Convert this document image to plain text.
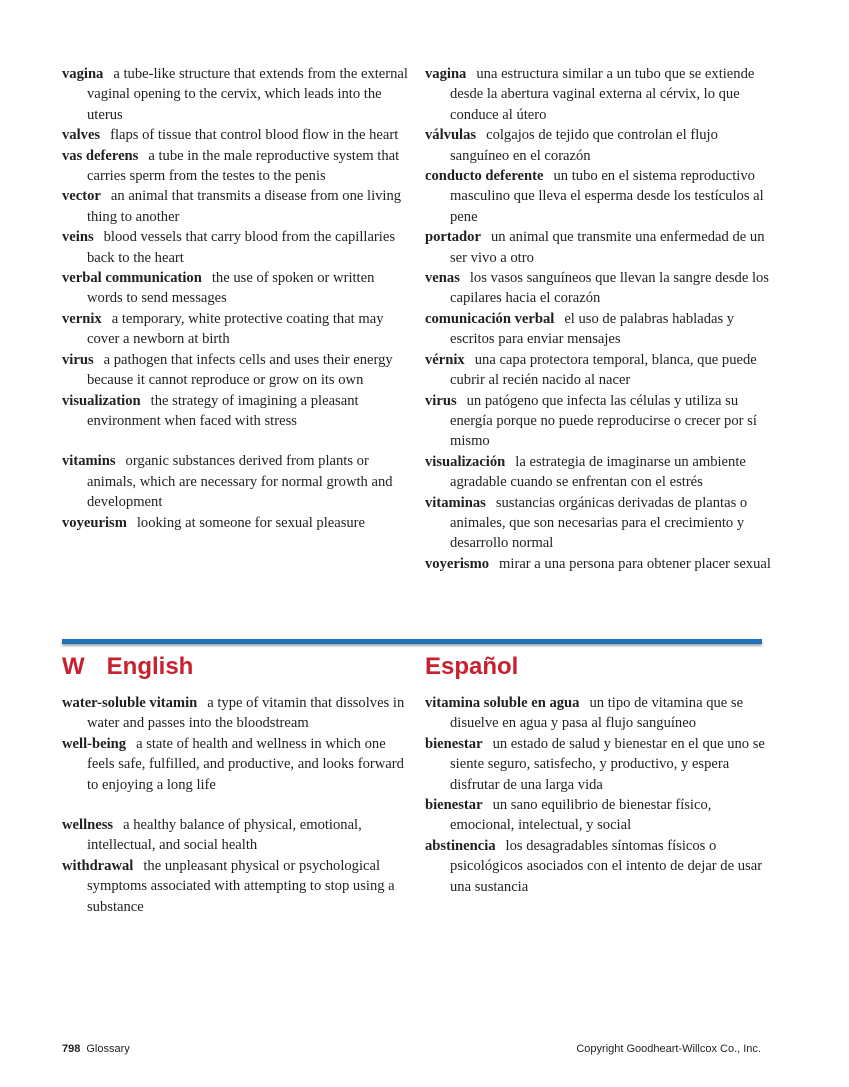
vagina a tube-like structure that extends from the external vaginal opening to the cervix, which leads into the uterus

valves flaps of tissue that control blood flow in the heart

vas deferens a tube in the male reproductive system that carries sperm from the testes to the penis

vector an animal that transmits a disease from one living thing to another

veins blood vessels that carry blood from the capillaries back to the heart

verbal communication the use of spoken or written words to send messages

vernix a temporary, white protective coating that may cover a newborn at birth

virus a pathogen that infects cells and uses their energy because it cannot reproduce or grow on its own

visualization the strategy of imagining a pleasant environment when faced with stress

vitamins organic substances derived from plants or animals, which are necessary for normal growth and development

voyeurism looking at someone for sexual pleasure

vagina una estructura similar a un tubo que se extiende desde la abertura vaginal externa al cérvix, lo que conduce al útero

válvulas colgajos de tejido que controlan el flujo sanguíneo en el corazón

conducto deferente un tubo en el sistema reproductivo masculino que lleva el esperma desde los testículos al pene

portador un animal que transmite una enfermedad de un ser vivo a otro

venas los vasos sanguíneos que llevan la sangre desde los capilares hacia el corazón

comunicación verbal el uso de palabras habladas y escritos para enviar mensajes

vérnix una capa protectora temporal, blanca, que puede cubrir al recién nacido al nacer

virus un patógeno que infecta las células y utiliza su energía porque no puede reproducirse o crecer por sí mismo

visualización la estrategia de imaginarse un ambiente agradable cuando se enfrentan con el estrés

vitaminas sustancias orgánicas derivadas de plantas o animales, que son necesarias para el crecimiento y desarrollo normal

voyerismo mirar a una persona para obtener placer sexual

W English	Español

water-soluble vitamin a type of vitamin that dissolves in water and passes into the bloodstream

well-being a state of health and wellness in which one feels safe, fulfilled, and productive, and looks forward to enjoying a long life

wellness a healthy balance of physical, emotional, intellectual, and social health

withdrawal the unpleasant physical or psychological symptoms associated with attempting to stop using a substance

vitamina soluble en agua un tipo de vitamina que se disuelve en agua y pasa al flujo sanguíneo

bienestar un estado de salud y bienestar en el que uno se siente seguro, satisfecho, y productivo, y espera disfrutar de una larga vida

bienestar un sano equilibrio de bienestar físico, emocional, intelectual, y social

abstinencia los desagradables síntomas físicos o psicológicos asociados con el intento de dejar de usar una sustancia

798 Glossary	Copyright Goodheart-Willcox Co., Inc.
